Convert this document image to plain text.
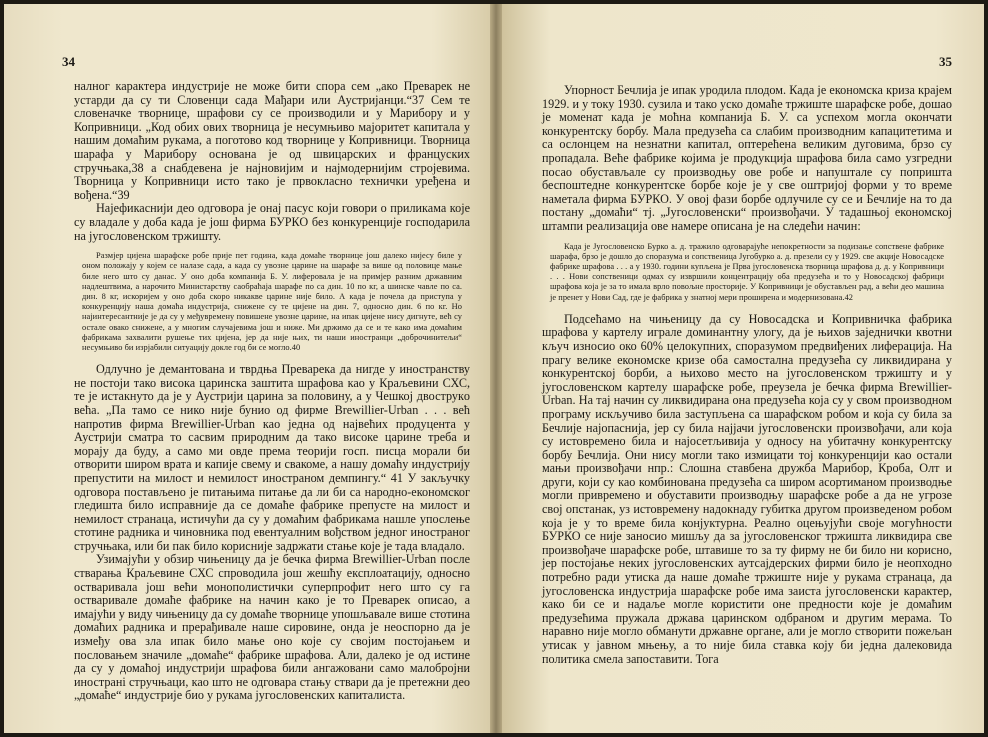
34

налног карактера индустрије не може бити спора сем „ако Преварек не устарди да су ти Словенци сада Мађари или Аустријанци.“37 Сем те словеначке творнице, шрафови су се производили и у Марибору и у Копривници. „Код обих ових творница је несумњиво мајоритет капитала у нашим домаћим рукама, а поготово код творнице у Копривници. Творница шарафа у Марибору основана је од швицарских и француских стручњака,38 а снабдевена је најновијим и најмодернијим стројевима. Творница у Копривници исто тако је првокласно технички уређена и вођена.“39

Најефикаснији део одговора је онај пасус који говори о приликама које су владале у доба када је још фирма БУРКО без конкуренције господарила на југословенском тржишту.

Размјер цијена шарафске робе прије пет година, када домаће творнице још далеко нијесу биле у оном положају у којем се налазе сада, а када су увозне царине на шарафе за више од половице мање биле него што су данас. У оно доба компанија Б. У. лиферовала је на примјер разним државним надлештвима, а нарочито Министарству саобраћаја шарафе по са дин. 10 по кг, а шинске чавле по са. дин. 8 кг, искоријем у оно доба скоро никакве царине није било. А када је почела да приступа у конкуренцију наша домаћа индустрија, снижене су те цијене на дин. 7, односно дин. 6 по кг. Но најинтересантније је да су у међувремену повишене увозне царине, на ипак цијене нису дигнуте, већ су остале овако снижене, а у многим случајевима још и ниже. Ми држимо да се и те како има домаћим фабрикама захвалити рушење тих цијена, јер да није њих, ти наши иностранци „доброчинитељи“ несумњиво би изрјабили ситуацију докле год би се могло.40

Одлучно је демантована и тврдња Преварека да нигде у иностранству не постоји тако висока царинска заштита шрафова као у Краљевини СХС, те је истакнуто да је у Аустрији царина за половину, а у Чешкој двострукo већа. „Па тамо се нико није бунио од фирме Brewillier-Urban . . . већ напротив фирма Brewillier-Urban као једна од највећих продуцента у Аустрији сматра то сасвим природним да тако високе царине треба и морају да буду, а само ми овде према теорији госп. писца морали би отворити широм врата и капије свему и свакоме, а нашу домаћу индустрију препустити на милост и немилост иностраном демпингу.“ 41 У закључку одговора постављено је питањима питање да ли би са народно-економског гледишта било исправније да се домаће фабрике препусте на милост и немилост странаца, истичући да су у домаћим фабрикама нашле упослење стотине радника и чиновника под евентуалним вођством једног иностраног стручњака, или би пак било корисније задржати стање које је тада владало.

Узимајући у обзир чињеницу да је бечка фирма Brewillier-Urban после стварања Краљевине СХС спроводила још жешћу експлоатацију, односно остваривала још већи монополистички суперпрофит него што су га остваривале домаће фабрике на начин како је то Преварек описао, а имајући у виду чињеницу да су домаће творнице упошљавале више стотина домаћих радника и прерађивале наше сировине, онда је неоспорно да је између ова зла ипак било мање оно које су својим постојањем и пословањем значиле „домаће“ фабрике шрафова. Али, далеко је од истине да су у домаћој индустрији шрафова били ангажовани само малобројни иностранi стручњаци, као што не одговара стању ствари да је претежни део „домаће“ индустрије био у рукама југословенских капиталиста.

35

Упорност Бечлија је ипак уродила плодом. Када је економска криза крајем 1929. и у току 1930. сузила и тако уско домаће тржиште шарафске робе, дошао је моменат када је моћна компанија Б. У. са успехом могла окончати конкурентску борбу. Мала предузећа са слабим производним капацитетима и са ослонцем на незнатни капитал, оптерећена великим дуговима, брзо су пропадала. Веће фабрике којима је продукција шрафова била само узгредни посао обустављале су производњу ове робе и напуштале су попришта беспоштедне конкурентске борбе које је у све оштријој форми у то време наметала фирма БУРКО. У овој фази борбе одлучиле су се и Бечлије на то да постану „домаћи“ тј. „Југословенски“ произвођачи. У тадашњој економској штампи реализација ове намере описана је на следећи начин:

Када је Југословенско Бурко а. д. тражило одговарајуће непокретности за подизање сопствене фабрике шарафа, брзо је дошло до споразума и сопственица Југобурко а. д. презели су у 1929. све акције Новосадске фабрике шрафова . . . а у 1930. години купљена је Прва југословенска творница шрафова д. д. у Копривници . . . Нови сопственици одмах су извршили концентрацију оба предузећа и то у Новосадској фабрици шрафова која је за то имала врло повољне просторије. У Копривници је обустављен рад, а већи део машина је пренет у Нови Сад, где је фабрика у знатној мери проширена и модернизована.42

Подсећамо на чињеницу да су Новосадска и Копривничка фабрика шрафова у картелу играле доминантну улогу, да је њихов заједнички квотни кључ износио око 60% целокупних, споразумом предвиђених лиферација. На прагу велике економске кризе оба самостална предузећа су ликвидирана у конкурентској борби, а њихово место на југословенском тржишту и у југословенском картелу шарафске робе, преузела је бечка фирма Brewillier-Urban. На тај начин су ликвидирана она предузећа која су у свом производном програму искључиво била заступљена са шарафском робом и која су била за Бечлије најопаснија, јер су била најјачи југословенски произвођачи, али која су истовремено била и најосетљивија у односу на убитачну конкурентску борбу Бечлија. Они нису могли тако измицати тој конкуренцији као остали мањи произвођачи нпр.: Слошна ставбена дружба Марибор, Кроба, Олт и други, који су као комбинована предузећа са широм асортиманом производње могли привремено и обуставити производњу шарафске робе а да не угрозе свој опстанак, уз истовремену надокнаду губитка другом произведеном робом која је у то време била конјуктурна. Реално оцењујући своје могућности БУРКО се није заносио мишљу да за југословенског тржишта ликвидира све произвођаче шарафске робе, штавише то за ту фирму не би било ни корисно, јер постојање неких југословенских аутсајдерских фирми било је неопходно потребно ради утиска да наше домаће тржиште није у рукама странаца, да југословенска индустрија шарафске робе има заиста југословенски карактер, како би се и надаље могле користити оне предности које је домаћим предузећима пружала држава царинском одбраном и другим мерама. То наравно није могло обманути државне органе, али је могло створити пожељан утисак у јавном мњењу, а то није била ставка коју би једна далековида политика смела запоставити. Тога
